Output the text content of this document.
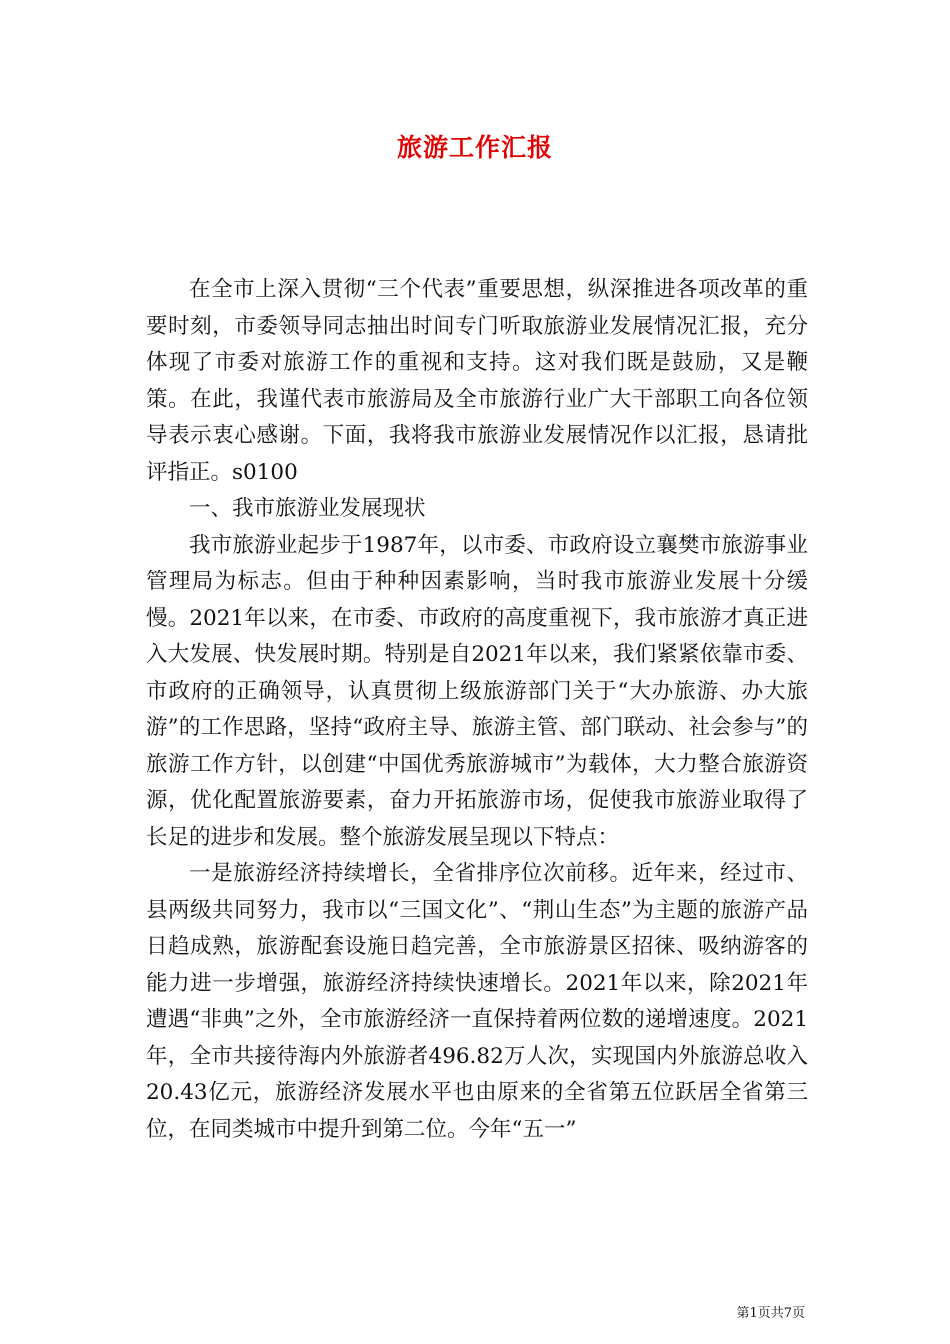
旅游工作汇报

在全市上深入贯彻“三个代表”重要思想，纵深推进各项改革的重要时刻，市委领导同志抽出时间专门听取旅游业发展情况汇报，充分体现了市委对旅游工作的重视和支持。这对我们既是鼓励，又是鞭策。在此，我谨代表市旅游局及全市旅游行业广大干部职工向各位领导表示衷心感谢。下面，我将我市旅游业发展情况作以汇报，恳请批评指正。s0100

一、我市旅游业发展现状

我市旅游业起步于1987年，以市委、市政府设立襄樊市旅游事业管理局为标志。但由于种种因素影响，当时我市旅游业发展十分缓慢。2021年以来，在市委、市政府的高度重视下，我市旅游才真正进入大发展、快发展时期。特别是自2021年以来，我们紧紧依靠市委、市政府的正确领导，认真贯彻上级旅游部门关于“大办旅游、办大旅游”的工作思路，坚持“政府主导、旅游主管、部门联动、社会参与”的旅游工作方针，以创建“中国优秀旅游城市”为载体，大力整合旅游资源，优化配置旅游要素，奋力开拓旅游市场，促使我市旅游业取得了长足的进步和发展。整个旅游发展呈现以下特点：

一是旅游经济持续增长，全省排序位次前移。近年来，经过市、县两级共同努力，我市以“三国文化”、“荆山生态”为主题的旅游产品日趋成熟，旅游配套设施日趋完善，全市旅游景区招徕、吸纳游客的能力进一步增强，旅游经济持续快速增长。2021年以来，除2021年遭遇“非典”之外，全市旅游经济一直保持着两位数的递增速度。2021年，全市共接待海内外旅游者496.82万人次，实现国内外旅游总收入20.43亿元，旅游经济发展水平也由原来的全省第五位跃居全省第三位，在同类城市中提升到第二位。今年“五一”

第1页共7页
